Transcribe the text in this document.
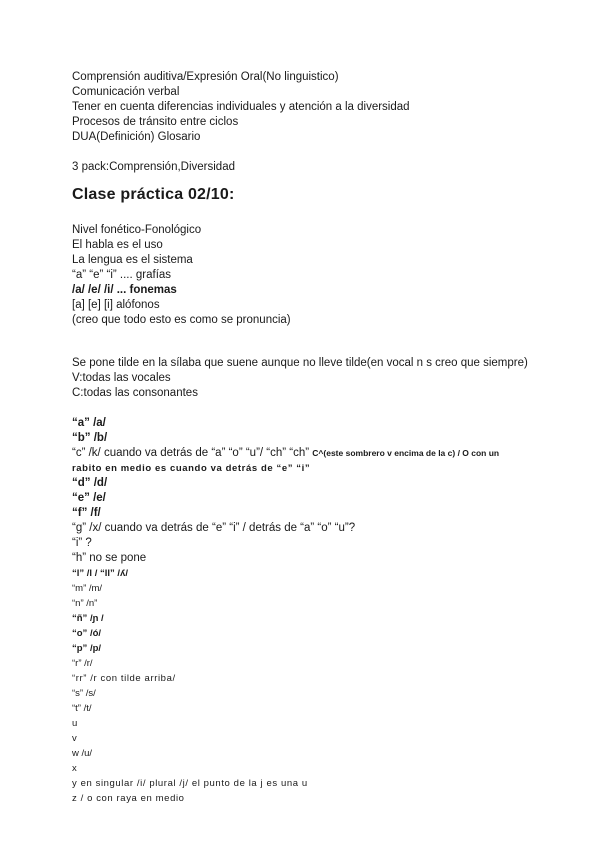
Comprensión auditiva/Expresión Oral(No linguistico)
Comunicación verbal
Tener en cuenta diferencias individuales y atención a la diversidad
Procesos de tránsito entre ciclos
DUA(Definición) Glosario
3 pack:Comprensión,Diversidad
Clase práctica 02/10:
Nivel fonético-Fonológico
El habla es el uso
La lengua es el sistema
“a” “e” “i” .... grafías
/a/ /e/ /i/ ... fonemas
[a] [e] [i] alófonos
(creo que todo esto es como se pronuncia)
Se pone tilde en la sílaba que suene aunque no lleve tilde(en vocal n s creo que siempre)
V:todas las vocales
C:todas las consonantes
“a” /a/
“b” /b/
“c” /k/ cuando va detrás de “a” “o” “u”/ “ch” “ch” C^(este sombrero v encima de la c) / O con un
rabito en medio es cuando va detrás de “e” “i”
“d” /d/
“e” /e/
“f” /f/
“g” /x/ cuando va detrás de “e” “i” / detrás de “a” “o” “u”?
“i” ?
“h” no se pone
“l” /l / “ll” /ʎ/
“m” /m/
“n” /n”
“ñ” /ɲ /
“o” /ó/
“p” /p/
“r” /r/
“rr” /r con tilde arriba/
“s” /s/
“t” /t/
u
v
w /u/
x
y en singular /i/ plural /j/ el punto de la j es una u
z / o con raya en medio
